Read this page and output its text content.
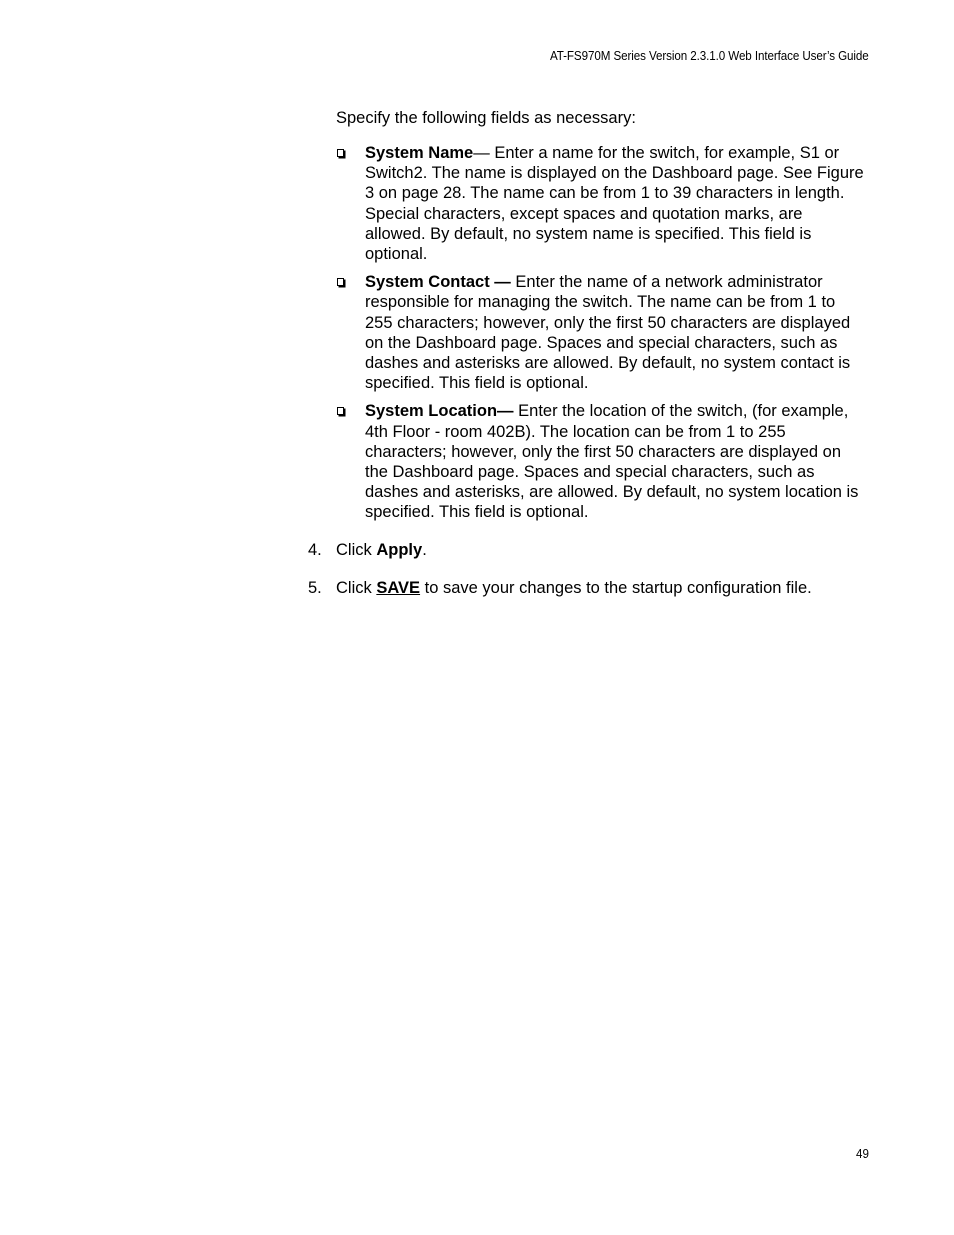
AT-FS970M Series Version 2.3.1.0 Web Interface User’s Guide
Specify the following fields as necessary:
System Name— Enter a name for the switch, for example, S1 or Switch2. The name is displayed on the Dashboard page. See Figure 3 on page 28. The name can be from 1 to 39 characters in length. Special characters, except spaces and quotation marks, are allowed. By default, no system name is specified. This field is optional.
System Contact — Enter the name of a network administrator responsible for managing the switch. The name can be from 1 to 255 characters; however, only the first 50 characters are displayed on the Dashboard page. Spaces and special characters, such as dashes and asterisks are allowed. By default, no system contact is specified. This field is optional.
System Location— Enter the location of the switch, (for example, 4th Floor - room 402B). The location can be from 1 to 255 characters; however, only the first 50 characters are displayed on the Dashboard page. Spaces and special characters, such as dashes and asterisks, are allowed. By default, no system location is specified. This field is optional.
4. Click Apply.
5. Click SAVE to save your changes to the startup configuration file.
49
